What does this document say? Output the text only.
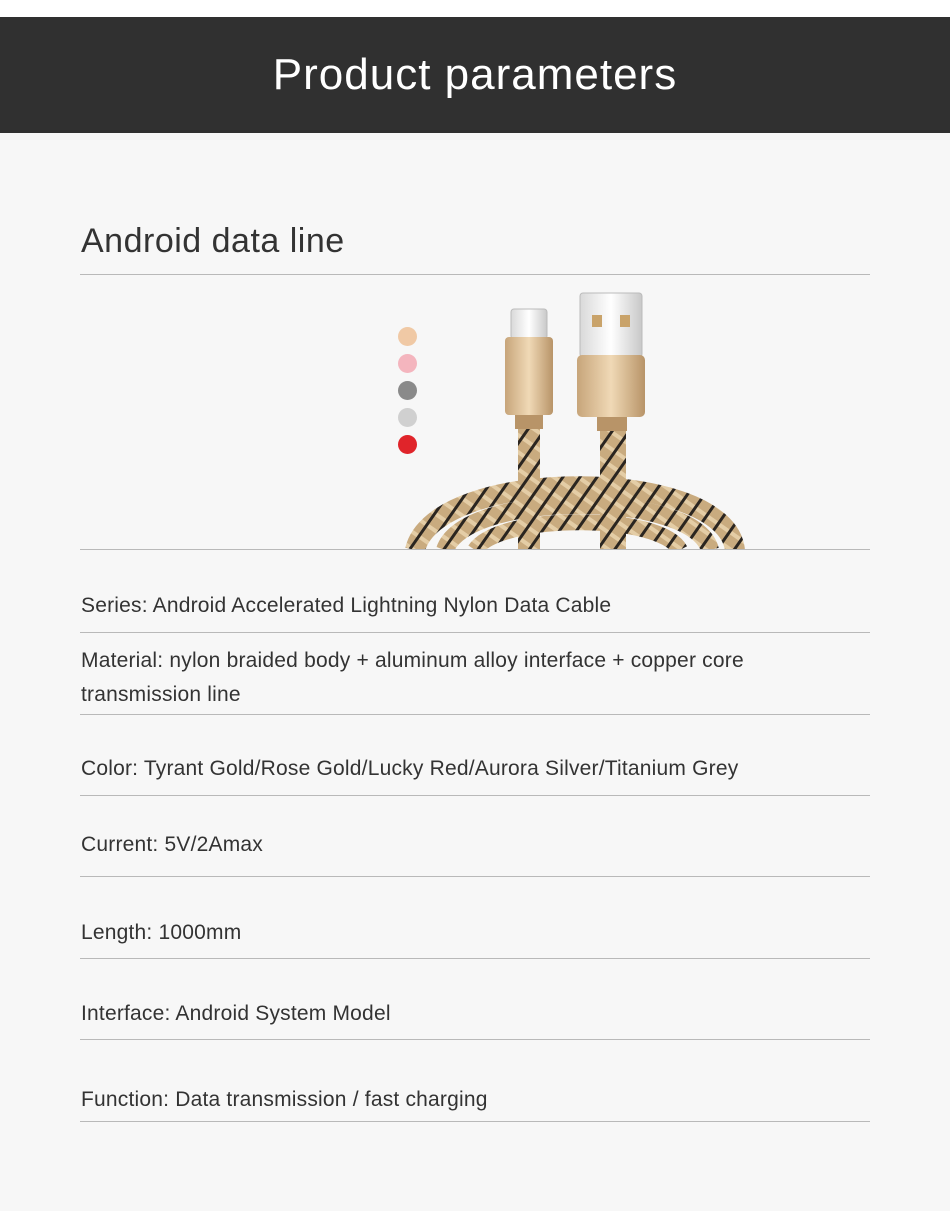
Product parameters
Android data line
Series: Android Accelerated Lightning Nylon Data Cable
Material: nylon braided body + aluminum alloy interface + copper core transmission line
Color: Tyrant Gold/Rose Gold/Lucky Red/Aurora Silver/Titanium Grey
Current: 5V/2Amax
Length: 1000mm
Interface: Android System Model
Function: Data transmission / fast charging
